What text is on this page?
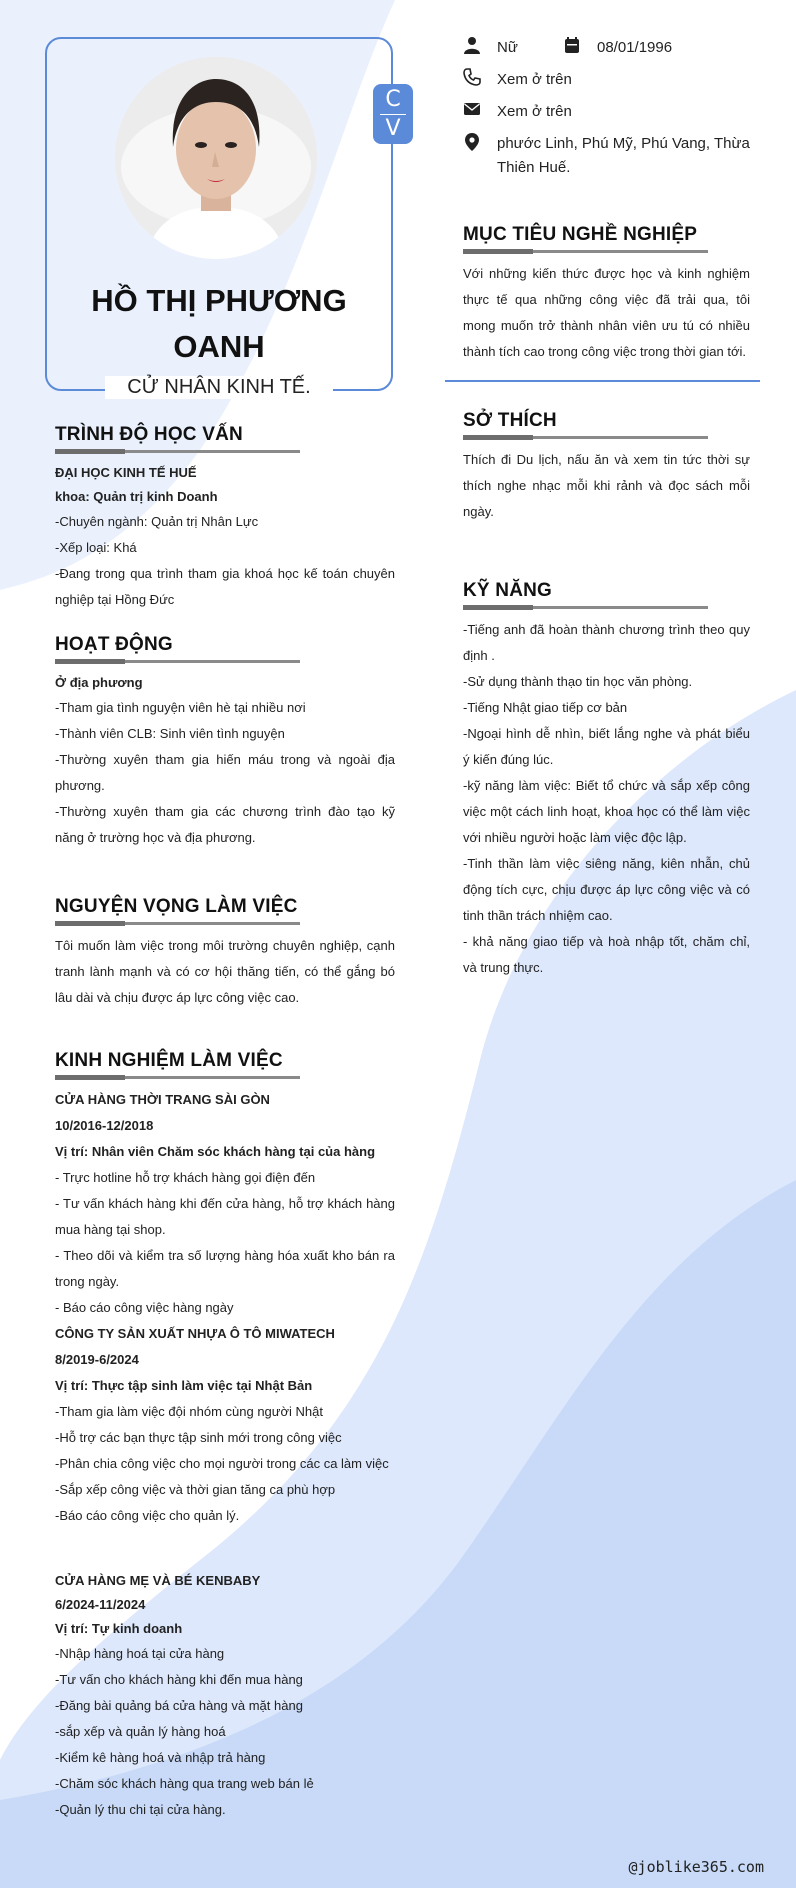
C
V
HỒ THỊ PHƯƠNG
OANH
CỬ NHÂN KINH TẾ.
TRÌNH ĐỘ HỌC VẤN
ĐẠI HỌC KINH TẾ HUẾ
khoa: Quản trị kinh Doanh
-Chuyên ngành: Quản trị Nhân Lực
-Xếp loại: Khá
-Đang trong qua trình tham gia khoá học kế toán chuyên nghiệp tại Hồng Đức
HOẠT ĐỘNG
Ở địa phương
-Tham gia tình nguyện viên hè tại nhiều nơi
-Thành viên CLB: Sinh viên tình nguyện
-Thường xuyên tham gia hiến máu trong và ngoài địa phương.
-Thường xuyên tham gia các chương trình đào tạo kỹ năng ở trường học và địa phương.
NGUYỆN VỌNG LÀM VIỆC
Tôi muốn làm việc trong môi trường chuyên nghiệp, cạnh tranh lành mạnh và có cơ hội thăng tiến, có thể gắng bó lâu dài và chịu được áp lực công việc cao.
KINH NGHIỆM LÀM VIỆC
CỬA HÀNG THỜI TRANG SÀI GÒN
10/2016-12/2018
Vị trí: Nhân viên Chăm sóc khách hàng tại của hàng
- Trực hotline hỗ trợ khách hàng gọi điện đến
- Tư vấn khách hàng khi đến cửa hàng, hỗ trợ khách hàng mua hàng tại shop.
- Theo dõi và kiểm tra số lượng hàng hóa xuất kho bán ra trong ngày.
- Báo cáo công việc hàng ngày
CÔNG TY SẢN XUẤT NHỰA Ô TÔ MIWATECH
8/2019-6/2024
Vị trí: Thực tập sinh làm việc tại Nhật Bản
-Tham gia làm việc đội nhóm cùng người Nhật
-Hỗ trợ các bạn thực tập sinh mới trong công việc
-Phân chia công việc cho mọi người trong các ca làm việc
-Sắp xếp công việc và thời gian tăng ca phù hợp
-Báo cáo công việc cho quản lý.
CỬA HÀNG MẸ VÀ BÉ KENBABY
6/2024-11/2024
Vị trí: Tự kinh doanh
-Nhập hàng hoá tại cửa hàng
-Tư vấn cho khách hàng khi đến mua hàng
-Đăng bài quảng bá cửa hàng và mặt hàng
-sắp xếp và quản lý hàng hoá
-Kiểm kê hàng hoá và nhập trả hàng
-Chăm sóc khách hàng qua trang web bán lẻ
-Quản lý thu chi tại cửa hàng.
Nữ	08/01/1996
Xem ở trên
Xem ở trên
phước Linh, Phú Mỹ, Phú Vang, Thừa Thiên Huế.
MỤC TIÊU NGHỀ NGHIỆP
Với những kiến thức được học và kinh nghiệm thực tế qua những công việc đã trải qua, tôi mong muốn trở thành nhân viên ưu tú có nhiều thành tích cao trong công việc trong thời gian tới.
SỞ THÍCH
Thích đi Du lịch, nấu ăn và xem tin tức thời sự thích nghe nhạc mỗi khi rảnh và đọc sách mỗi ngày.
KỸ NĂNG
-Tiếng anh đã hoàn thành chương trình theo quy định .
-Sử dụng thành thạo tin học văn phòng.
-Tiếng Nhật giao tiếp cơ bản
-Ngoại hình dễ nhìn, biết lắng nghe và phát biểu ý kiến đúng lúc.
-kỹ năng làm việc: Biết tổ chức và sắp xếp công việc một cách linh hoạt, khoa học có thể làm việc với nhiều người hoặc làm việc độc lập.
-Tinh thần làm việc siêng năng, kiên nhẫn, chủ động tích cực, chịu được áp lực công việc và có tinh thần trách nhiệm cao.
- khả năng giao tiếp và hoà nhập tốt, chăm chỉ, và trung thực.
@joblike365.com
